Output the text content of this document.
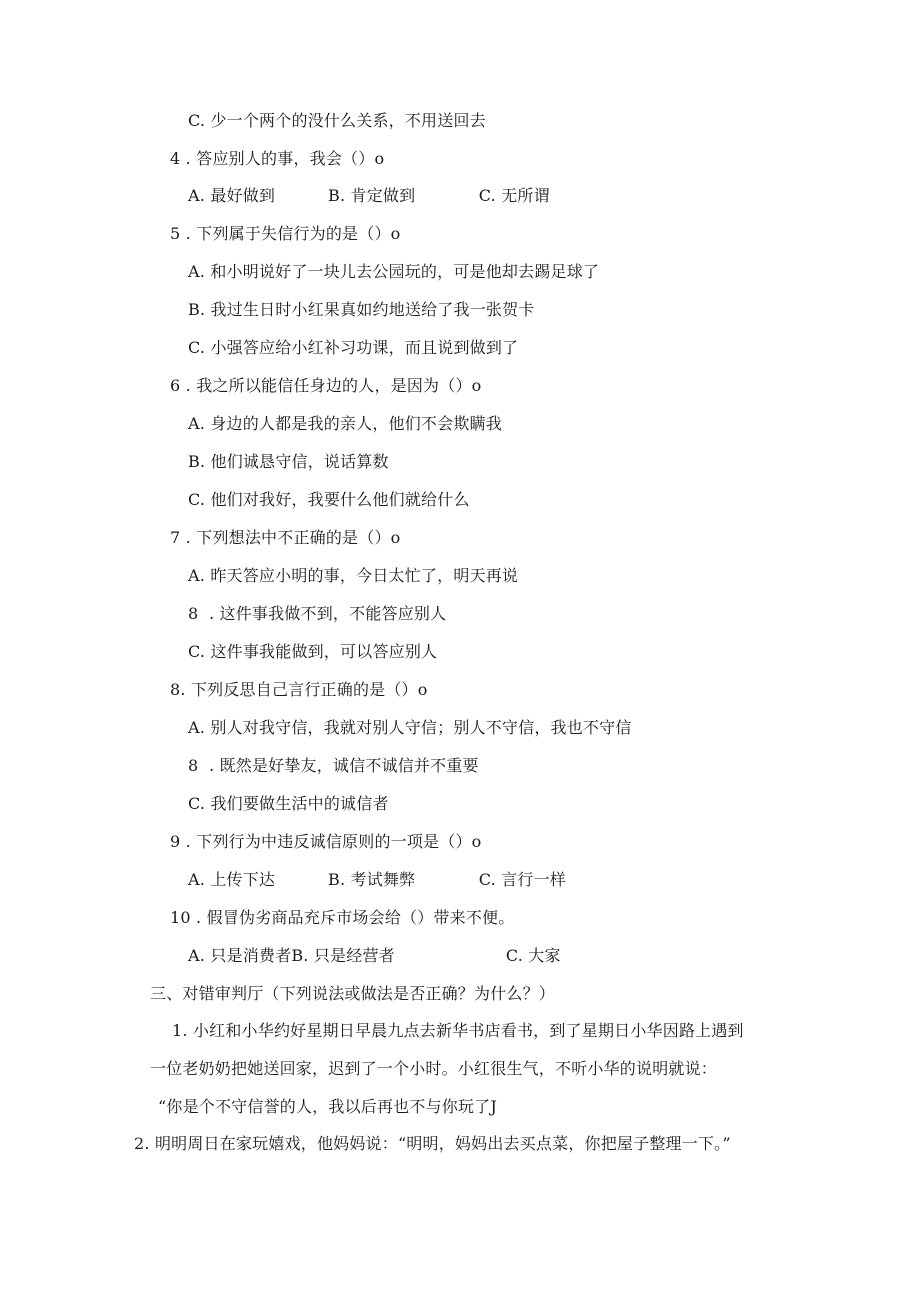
C. 少一个两个的没什么关系，不用送回去
4 . 答应别人的事，我会（）o
A. 最好做到          B. 肯定做到            C. 无所谓
5 . 下列属于失信行为的是（）o
A. 和小明说好了一块儿去公园玩的，可是他却去踢足球了
B. 我过生日时小红果真如约地送给了我一张贺卡
C. 小强答应给小红补习功课，而且说到做到了
6 . 我之所以能信任身边的人，是因为（）o
A. 身边的人都是我的亲人，他们不会欺瞒我
B. 他们诚恳守信，说话算数
C. 他们对我好，我要什么他们就给什么
7 . 下列想法中不正确的是（）o
A. 昨天答应小明的事，今日太忙了，明天再说
8  . 这件事我做不到，不能答应别人
C. 这件事我能做到，可以答应别人
8. 下列反思自己言行正确的是（）o
A. 别人对我守信，我就对别人守信；别人不守信，我也不守信
8  . 既然是好挚友，诚信不诚信并不重要
C. 我们要做生活中的诚信者
9 . 下列行为中违反诚信原则的一项是（）o
A. 上传下达          B. 考试舞弊            C. 言行一样
10 . 假冒伪劣商品充斥市场会给（）带来不便。
A. 只是消费者B. 只是经营者                     C. 大家
三、对错审判厅（下列说法或做法是否正确？为什么？）
1. 小红和小华约好星期日早晨九点去新华书店看书，到了星期日小华因路上遇到
一位老奶奶把她送回家，迟到了一个小时。小红很生气，不听小华的说明就说：
“你是个不守信誉的人，我以后再也不与你玩了J
2. 明明周日在家玩嬉戏，他妈妈说：“明明，妈妈出去买点菜，你把屋子整理一下。”
